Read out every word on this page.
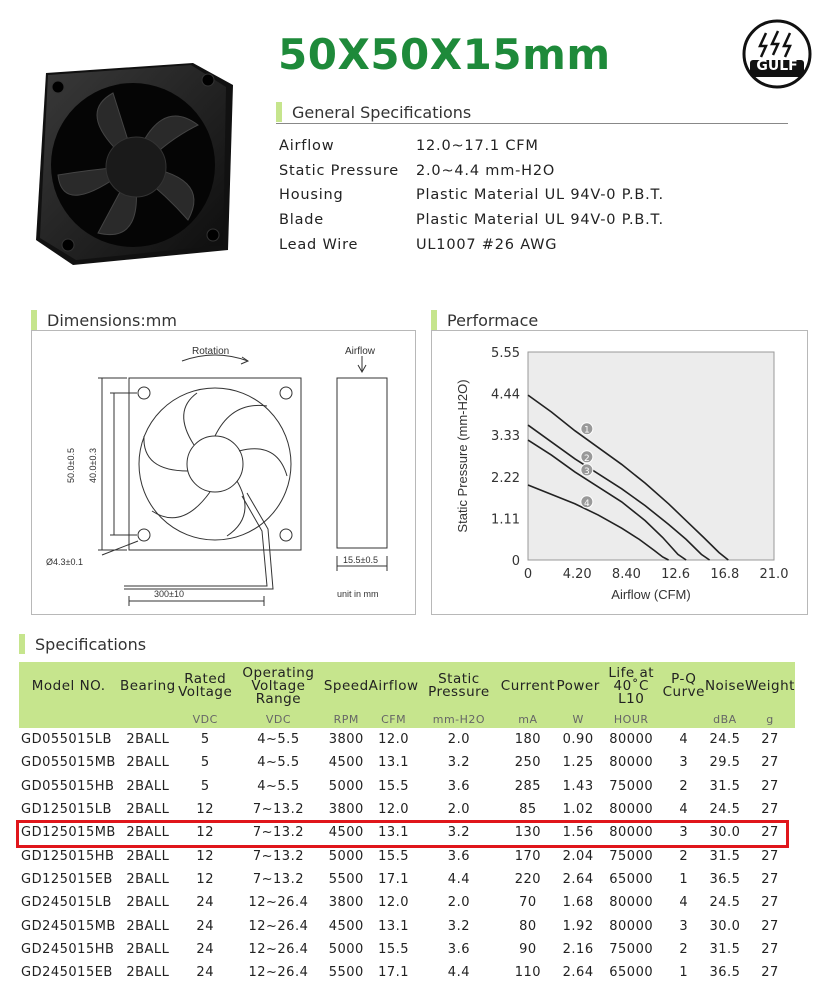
50X50X15mm	GULF
General Specifications
Airflow	12.0~17.1 CFM
Static Pressure	2.0~4.4 mm-H2O
Housing	Plastic Material UL 94V-0 P.B.T.
Blade	Plastic Material UL 94V-0 P.B.T.
Lead Wire	UL1007 #26 AWG
Dimensions:mm	Performace
Rotation	Airflow
50.0±0.5 40.0±0.3
Ø4.3±0.1
300±10
15.5±0.5
unit in mm
0
1.11
2.22
3.33
4.44
5.55
0 4.20 8.40 12.6 16.8 21.0
1
2
3
4
Static Pressure (mm-H2O)
Airflow (CFM)
Specifications
Model NO.	Bearing	Rated Voltage	Operating Voltage Range	Speed	Airflow	Static Pressure	Current	Power	Life at 40˚C L10	P-Q Curve	Noise	Weight
		VDC	VDC	RPM	CFM	mm-H2O	mA	W	HOUR		dBA	g
GD055015LB	2BALL	5	4~5.5	3800	12.0	2.0	180	0.90	80000	4	24.5	27
GD055015MB	2BALL	5	4~5.5	4500	13.1	3.2	250	1.25	80000	3	29.5	27
GD055015HB	2BALL	5	4~5.5	5000	15.5	3.6	285	1.43	75000	2	31.5	27
GD125015LB	2BALL	12	7~13.2	3800	12.0	2.0	85	1.02	80000	4	24.5	27
GD125015MB	2BALL	12	7~13.2	4500	13.1	3.2	130	1.56	80000	3	30.0	27
GD125015HB	2BALL	12	7~13.2	5000	15.5	3.6	170	2.04	75000	2	31.5	27
GD125015EB	2BALL	12	7~13.2	5500	17.1	4.4	220	2.64	65000	1	36.5	27
GD245015LB	2BALL	24	12~26.4	3800	12.0	2.0	70	1.68	80000	4	24.5	27
GD245015MB	2BALL	24	12~26.4	4500	13.1	3.2	80	1.92	80000	3	30.0	27
GD245015HB	2BALL	24	12~26.4	5000	15.5	3.6	90	2.16	75000	2	31.5	27
GD245015EB	2BALL	24	12~26.4	5500	17.1	4.4	110	2.64	65000	1	36.5	27
